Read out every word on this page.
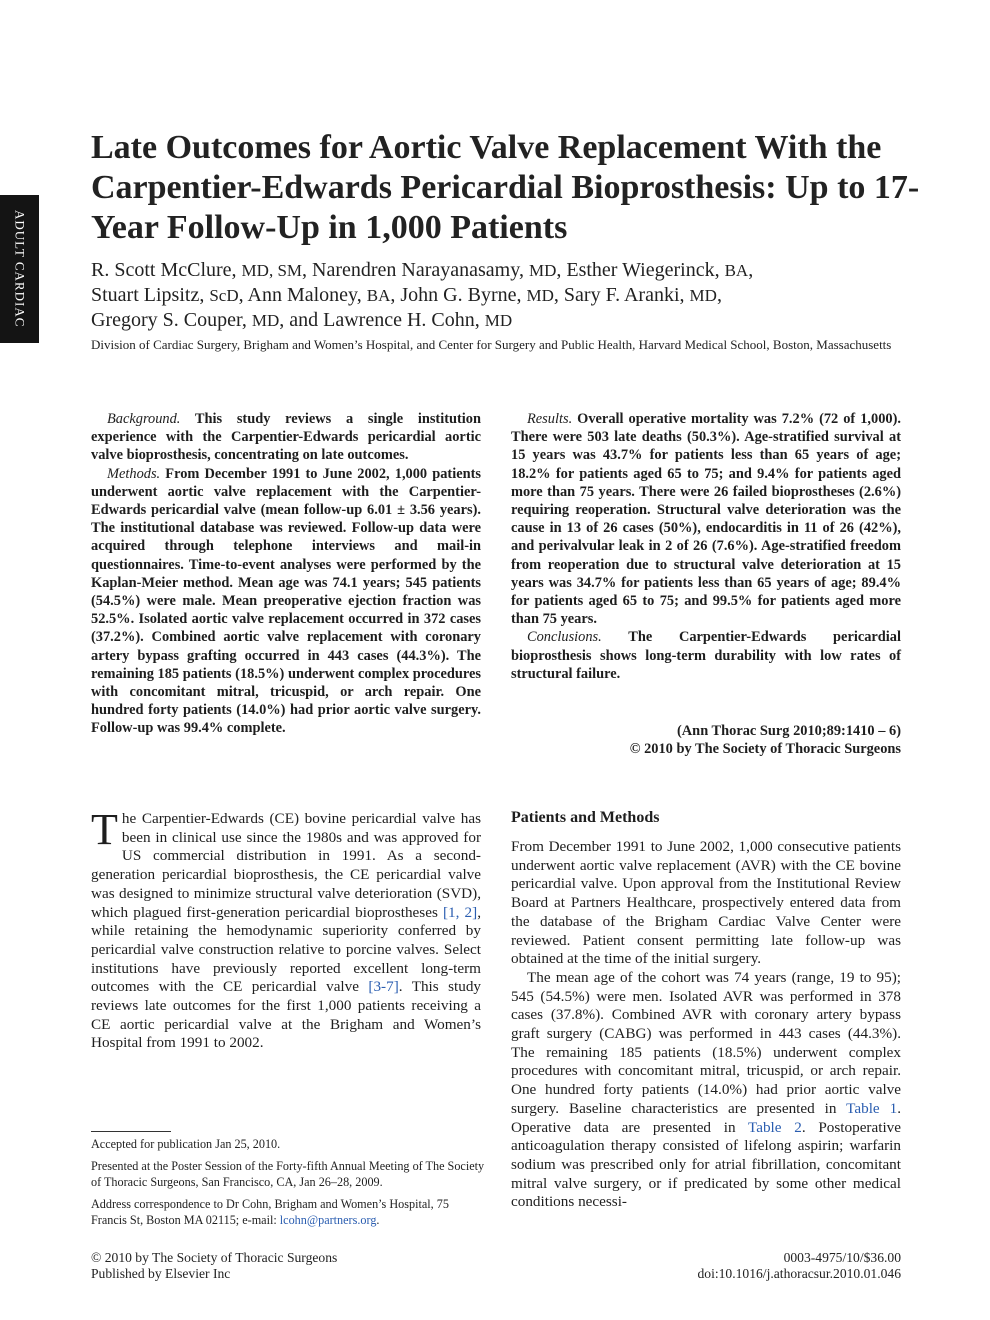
ADULT CARDIAC
Late Outcomes for Aortic Valve Replacement With the Carpentier-Edwards Pericardial Bioprosthesis: Up to 17-Year Follow-Up in 1,000 Patients

R. Scott McClure, MD, SM, Narendren Narayanasamy, MD, Esther Wiegerinck, BA,
Stuart Lipsitz, ScD, Ann Maloney, BA, John G. Byrne, MD, Sary F. Aranki, MD,
Gregory S. Couper, MD, and Lawrence H. Cohn, MD

Division of Cardiac Surgery, Brigham and Women’s Hospital, and Center for Surgery and Public Health, Harvard Medical School, Boston, Massachusetts

Background. This study reviews a single institution experience with the Carpentier-Edwards pericardial aortic valve bioprosthesis, concentrating on late outcomes.

Methods. From December 1991 to June 2002, 1,000 patients underwent aortic valve replacement with the Carpentier-Edwards pericardial valve (mean follow-up 6.01 ± 3.56 years). The institutional database was reviewed. Follow-up data were acquired through telephone interviews and mail-in questionnaires. Time-to-event analyses were performed by the Kaplan-Meier method. Mean age was 74.1 years; 545 patients (54.5%) were male. Mean preoperative ejection fraction was 52.5%. Isolated aortic valve replacement occurred in 372 cases (37.2%). Combined aortic valve replacement with coronary artery bypass grafting occurred in 443 cases (44.3%). The remaining 185 patients (18.5%) underwent complex procedures with concomitant mitral, tricuspid, or arch repair. One hundred forty patients (14.0%) had prior aortic valve surgery. Follow-up was 99.4% complete.

Results. Overall operative mortality was 7.2% (72 of 1,000). There were 503 late deaths (50.3%). Age-stratified survival at 15 years was 43.7% for patients less than 65 years of age; 18.2% for patients aged 65 to 75; and 9.4% for patients aged more than 75 years. There were 26 failed bioprostheses (2.6%) requiring reoperation. Structural valve deterioration was the cause in 13 of 26 cases (50%), endocarditis in 11 of 26 (42%), and perivalvular leak in 2 of 26 (7.6%). Age-stratified freedom from reoperation due to structural valve deterioration at 15 years was 34.7% for patients less than 65 years of age; 89.4% for patients aged 65 to 75; and 99.5% for patients aged more than 75 years.

Conclusions. The Carpentier-Edwards pericardial bioprosthesis shows long-term durability with low rates of structural failure.

(Ann Thorac Surg 2010;89:1410 – 6)
© 2010 by The Society of Thoracic Surgeons

The Carpentier-Edwards (CE) bovine pericardial valve has been in clinical use since the 1980s and was approved for US commercial distribution in 1991. As a second-generation pericardial bioprosthesis, the CE pericardial valve was designed to minimize structural valve deterioration (SVD), which plagued first-generation pericardial bioprostheses [1, 2], while retaining the hemodynamic superiority conferred by pericardial valve construction relative to porcine valves. Select institutions have previously reported excellent long-term outcomes with the CE pericardial valve [3-7]. This study reviews late outcomes for the first 1,000 patients receiving a CE aortic pericardial valve at the Brigham and Women’s Hospital from 1991 to 2002.

Patients and Methods

From December 1991 to June 2002, 1,000 consecutive patients underwent aortic valve replacement (AVR) with the CE bovine pericardial valve. Upon approval from the Institutional Review Board at Partners Healthcare, prospectively entered data from the database of the Brigham Cardiac Valve Center were reviewed. Patient consent permitting late follow-up was obtained at the time of the initial surgery.

The mean age of the cohort was 74 years (range, 19 to 95); 545 (54.5%) were men. Isolated AVR was performed in 378 cases (37.8%). Combined AVR with coronary artery bypass graft surgery (CABG) was performed in 443 cases (44.3%). The remaining 185 patients (18.5%) underwent complex procedures with concomitant mitral, tricuspid, or arch repair. One hundred forty patients (14.0%) had prior aortic valve surgery. Baseline characteristics are presented in Table 1. Operative data are presented in Table 2. Postoperative anticoagulation therapy consisted of lifelong aspirin; warfarin sodium was prescribed only for atrial fibrillation, concomitant mitral valve surgery, or if predicated by some other medical conditions necessi-

Accepted for publication Jan 25, 2010.

Presented at the Poster Session of the Forty-fifth Annual Meeting of The Society of Thoracic Surgeons, San Francisco, CA, Jan 26–28, 2009.

Address correspondence to Dr Cohn, Brigham and Women’s Hospital, 75 Francis St, Boston MA 02115; e-mail: lcohn@partners.org.

© 2010 by The Society of Thoracic Surgeons
Published by Elsevier Inc
0003-4975/10/$36.00
doi:10.1016/j.athoracsur.2010.01.046
